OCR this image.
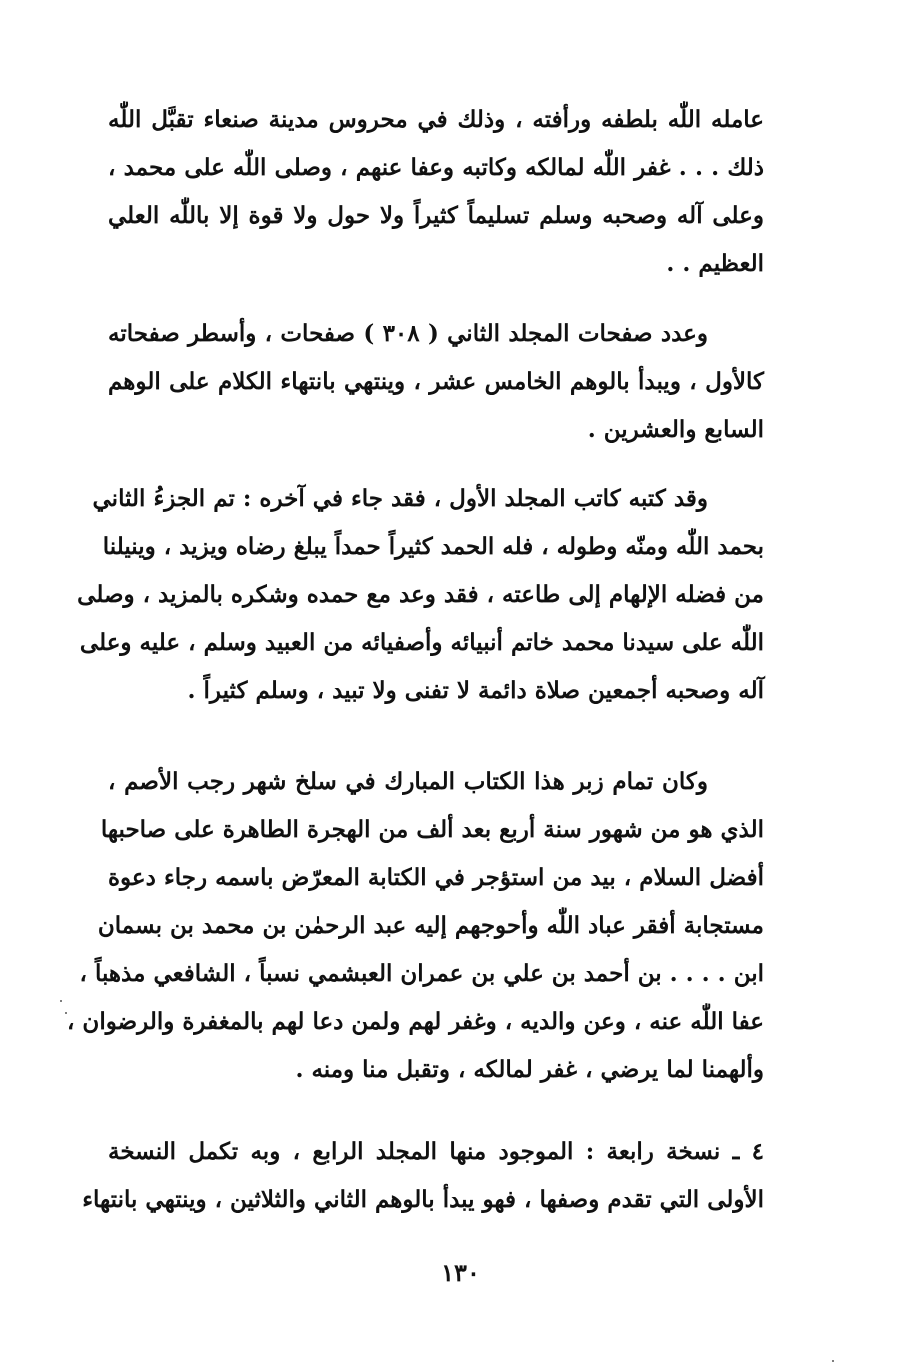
عامله اللّٰه بلطفه ورأفته ، وذلك في محروس مدينة صنعاء تقبَّل اللّٰه
ذلك . . . غفر اللّٰه لمالكه وكاتبه وعفا عنهم ، وصلى اللّٰه على محمد ،
وعلى آله وصحبه وسلم تسليماً كثيراً ولا حول ولا قوة إلا باللّٰه العلي
العظيم . .
وعدد صفحات المجلد الثاني ( ٣٠٨ ) صفحات ، وأسطر صفحاته
كالأول ، ويبدأ بالوهم الخامس عشر ، وينتهي بانتهاء الكلام على الوهم
السابع والعشرين .
وقد كتبه كاتب المجلد الأول ، فقد جاء في آخره : تم الجزءُ الثاني
بحمد اللّٰه ومنّه وطوله ، فله الحمد كثيراً حمداً يبلغ رضاه ويزيد ، وينيلنا
من فضله الإلهام إلى طاعته ، فقد وعد مع حمده وشكره بالمزيد ، وصلى
اللّٰه على سيدنا محمد خاتم أنبيائه وأصفيائه من العبيد وسلم ، عليه وعلى
آله وصحبه أجمعين صلاة دائمة لا تفنى ولا تبيد ، وسلم كثيراً .
وكان تمام زبر هذا الكتاب المبارك في سلخ شهر رجب الأصم ،
الذي هو من شهور سنة أربع بعد ألف من الهجرة الطاهرة على صاحبها
أفضل السلام ، بيد من استؤجر في الكتابة المعرّض باسمه رجاء دعوة
مستجابة أفقر عباد اللّٰه وأحوجهم إليه عبد الرحمٰن بن محمد بن بسمان
ابن . . . . بن أحمد بن علي بن عمران العبشمي نسباً ، الشافعي مذهباً ،
عفا اللّٰه عنه ، وعن والديه ، وغفر لهم ولمن دعا لهم بالمغفرة والرضوان ،
وألهمنا لما يرضي ، غفر لمالكه ، وتقبل منا ومنه .
٤ ـ نسخة رابعة : الموجود منها المجلد الرابع ، وبه تكمل النسخة
الأولى التي تقدم وصفها ، فهو يبدأ بالوهم الثاني والثلاثين ، وينتهي بانتهاء
١٣٠
